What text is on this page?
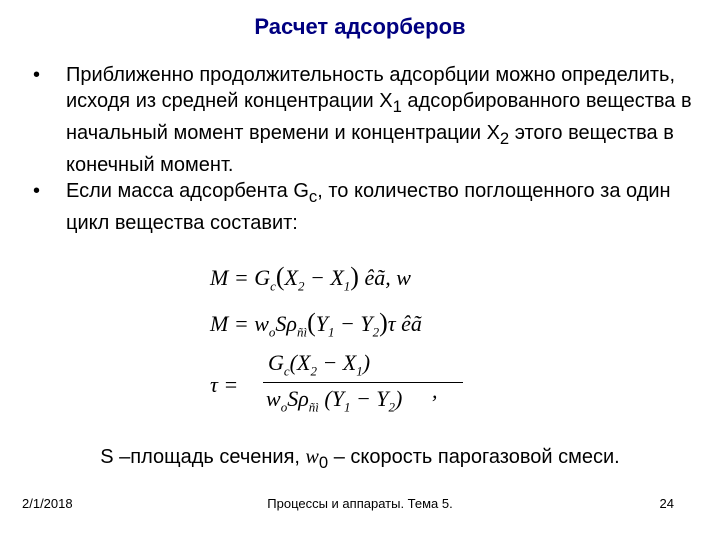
Расчет адсорберов
• Приближенно продолжительность адсорбции можно определить, исходя из средней концентрации $Х_1$ адсорбированного вещества в начальный момент времени и концентрации $Х_2$ этого вещества в конечный момент.
• Если масса адсорбента $G_c$, то количество поглощенного за один цикл вещества составит:
$M = G_c(X_2 - X_1)$ êã, w
$M = w_oS\rho_{ñì}(Y_1 - Y_2)\tau$ êã
τ =
$G_c(X_2 - X_1)$
$w_oS\rho_{ñì}$ $(Y_1 - Y_2)$ ,
S –площадь сечения, $w_0$ – скорость парогазовой смеси.
2/1/2018	Процессы и аппараты. Тема 5.	24
